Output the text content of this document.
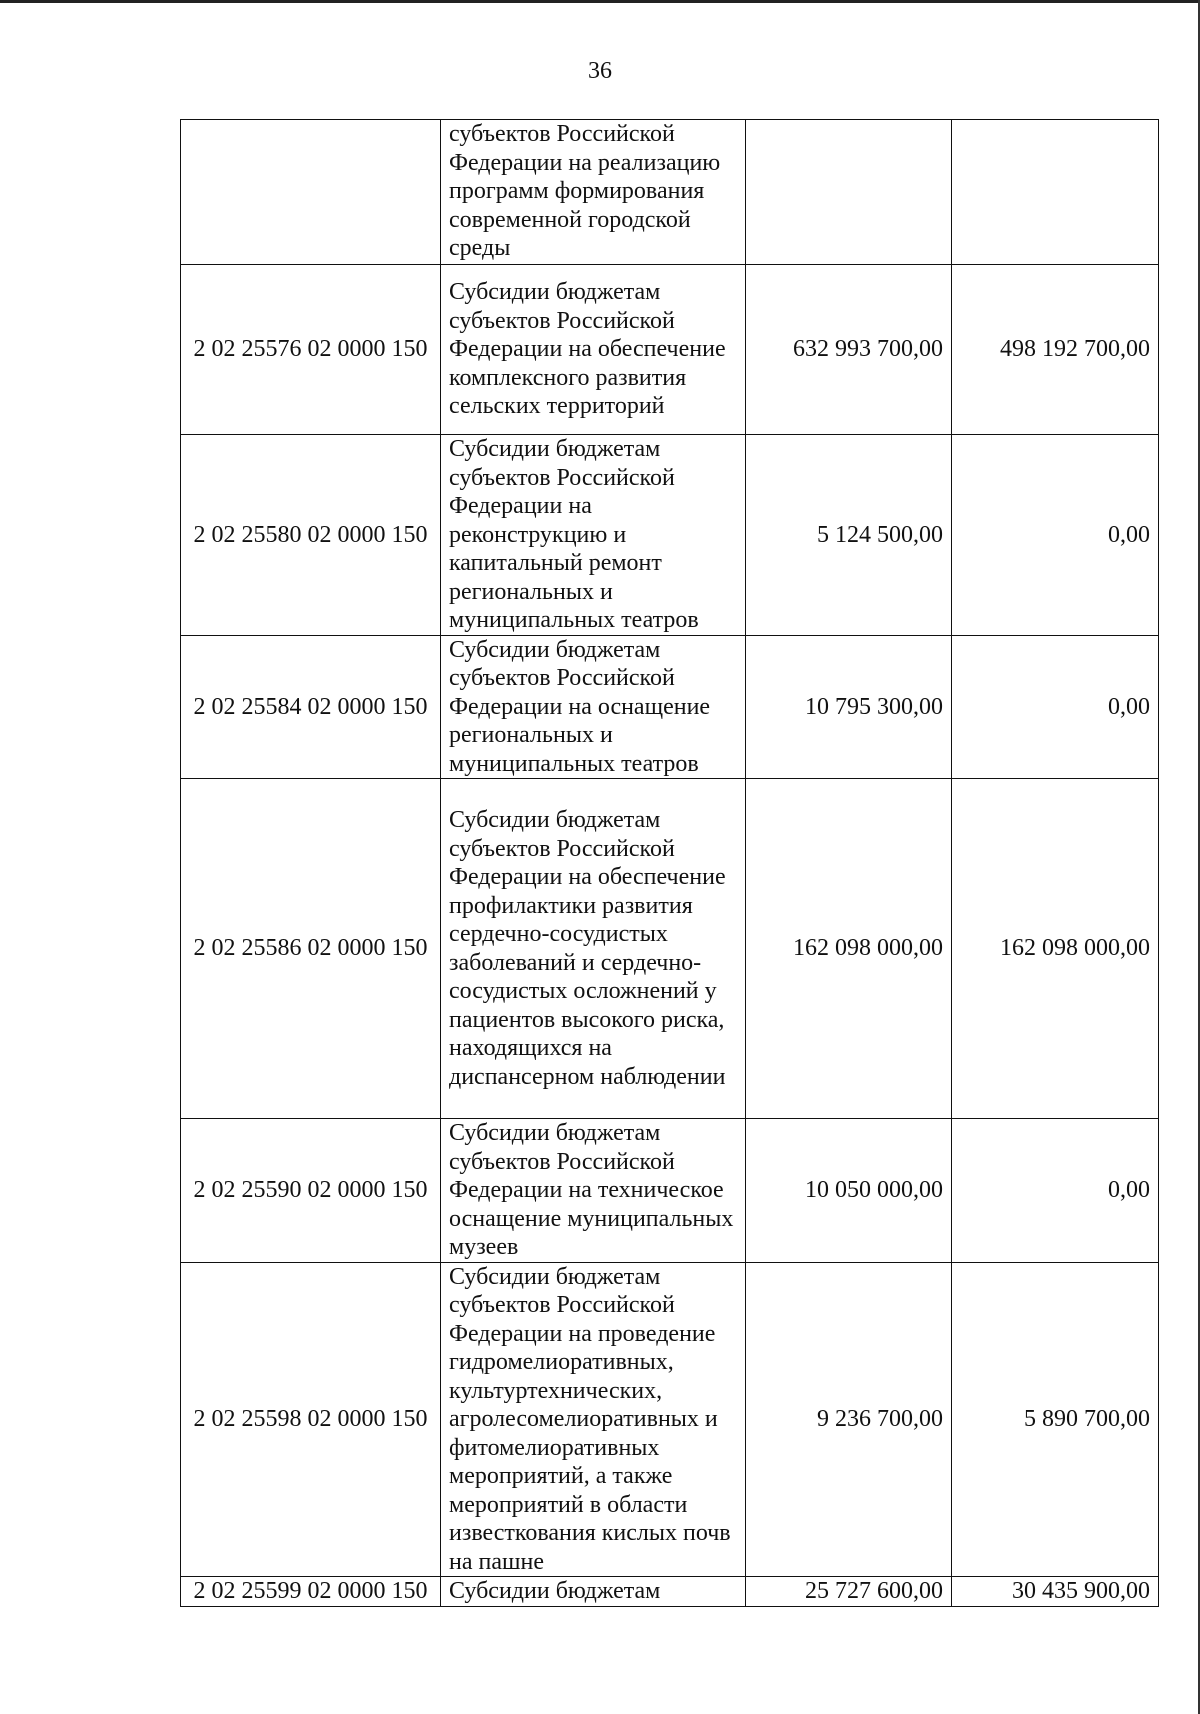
36
	субъектов Российской Федерации на реализацию программ формирования современной городской среды		
2 02 25576 02 0000 150	Субсидии бюджетам субъектов Российской Федерации на обеспечение комплексного развития сельских территорий	632 993 700,00	498 192 700,00
2 02 25580 02 0000 150	Субсидии бюджетам субъектов Российской Федерации на реконструкцию и капитальный ремонт региональных и муниципальных театров	5 124 500,00	0,00
2 02 25584 02 0000 150	Субсидии бюджетам субъектов Российской Федерации на оснащение региональных и муниципальных театров	10 795 300,00	0,00
2 02 25586 02 0000 150	Субсидии бюджетам субъектов Российской Федерации на обеспечение профилактики развития сердечно-сосудистых заболеваний и сердечно-сосудистых осложнений у пациентов высокого риска, находящихся на диспансерном наблюдении	162 098 000,00	162 098 000,00
2 02 25590 02 0000 150	Субсидии бюджетам субъектов Российской Федерации на техническое оснащение муниципальных музеев	10 050 000,00	0,00
2 02 25598 02 0000 150	Субсидии бюджетам субъектов Российской Федерации на проведение гидромелиоративных, культуртехнических, агролесомелиоративных и фитомелиоративных мероприятий, а также мероприятий в области известкования кислых почв на пашне	9 236 700,00	5 890 700,00
2 02 25599 02 0000 150	Субсидии бюджетам	25 727 600,00	30 435 900,00
